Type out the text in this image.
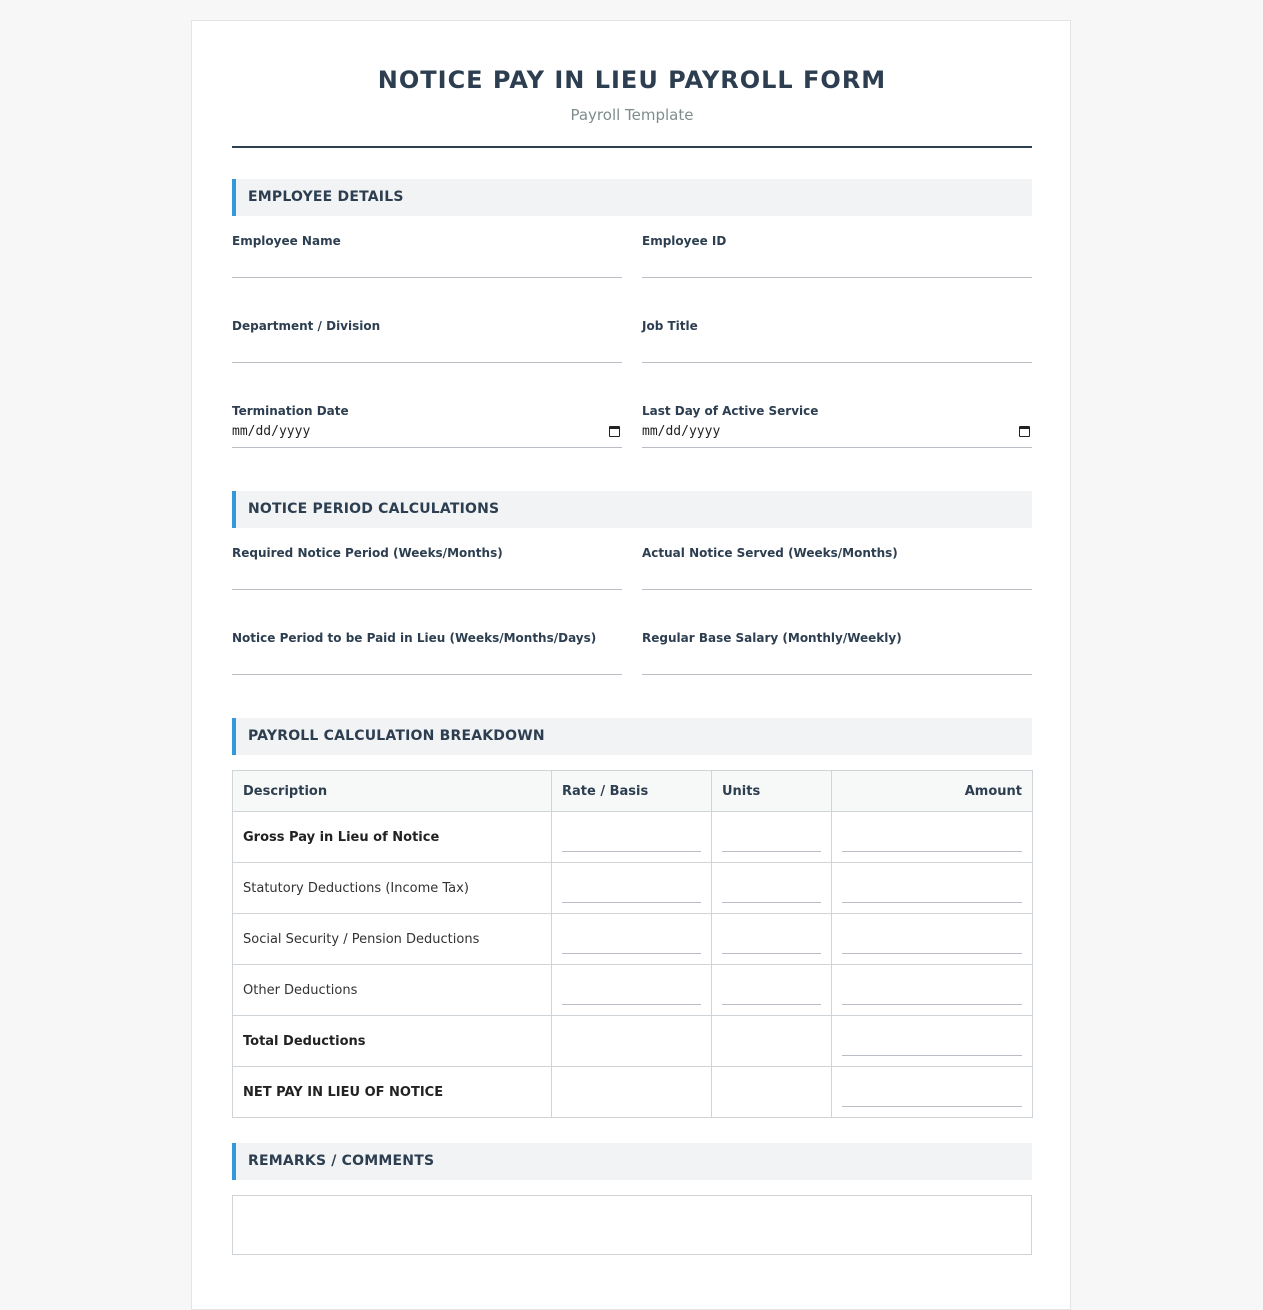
NOTICE PAY IN LIEU PAYROLL FORM
Payroll Template
EMPLOYEE DETAILS
Employee Name	Employee ID
Department / Division	Job Title
Termination Date
mm/dd/yyyy
Last Day of Active Service
mm/dd/yyyy
NOTICE PERIOD CALCULATIONS
Required Notice Period (Weeks/Months)	Actual Notice Served (Weeks/Months)
Notice Period to be Paid in Lieu (Weeks/Months/Days)	Regular Base Salary (Monthly/Weekly)
PAYROLL CALCULATION BREAKDOWN
Description	Rate / Basis	Units	Amount
Gross Pay in Lieu of Notice	

Statutory Deductions (Income Tax)	

Social Security / Pension Deductions	

Other Deductions	

Total Deductions			

NET PAY IN LIEU OF NOTICE			
REMARKS / COMMENTS
